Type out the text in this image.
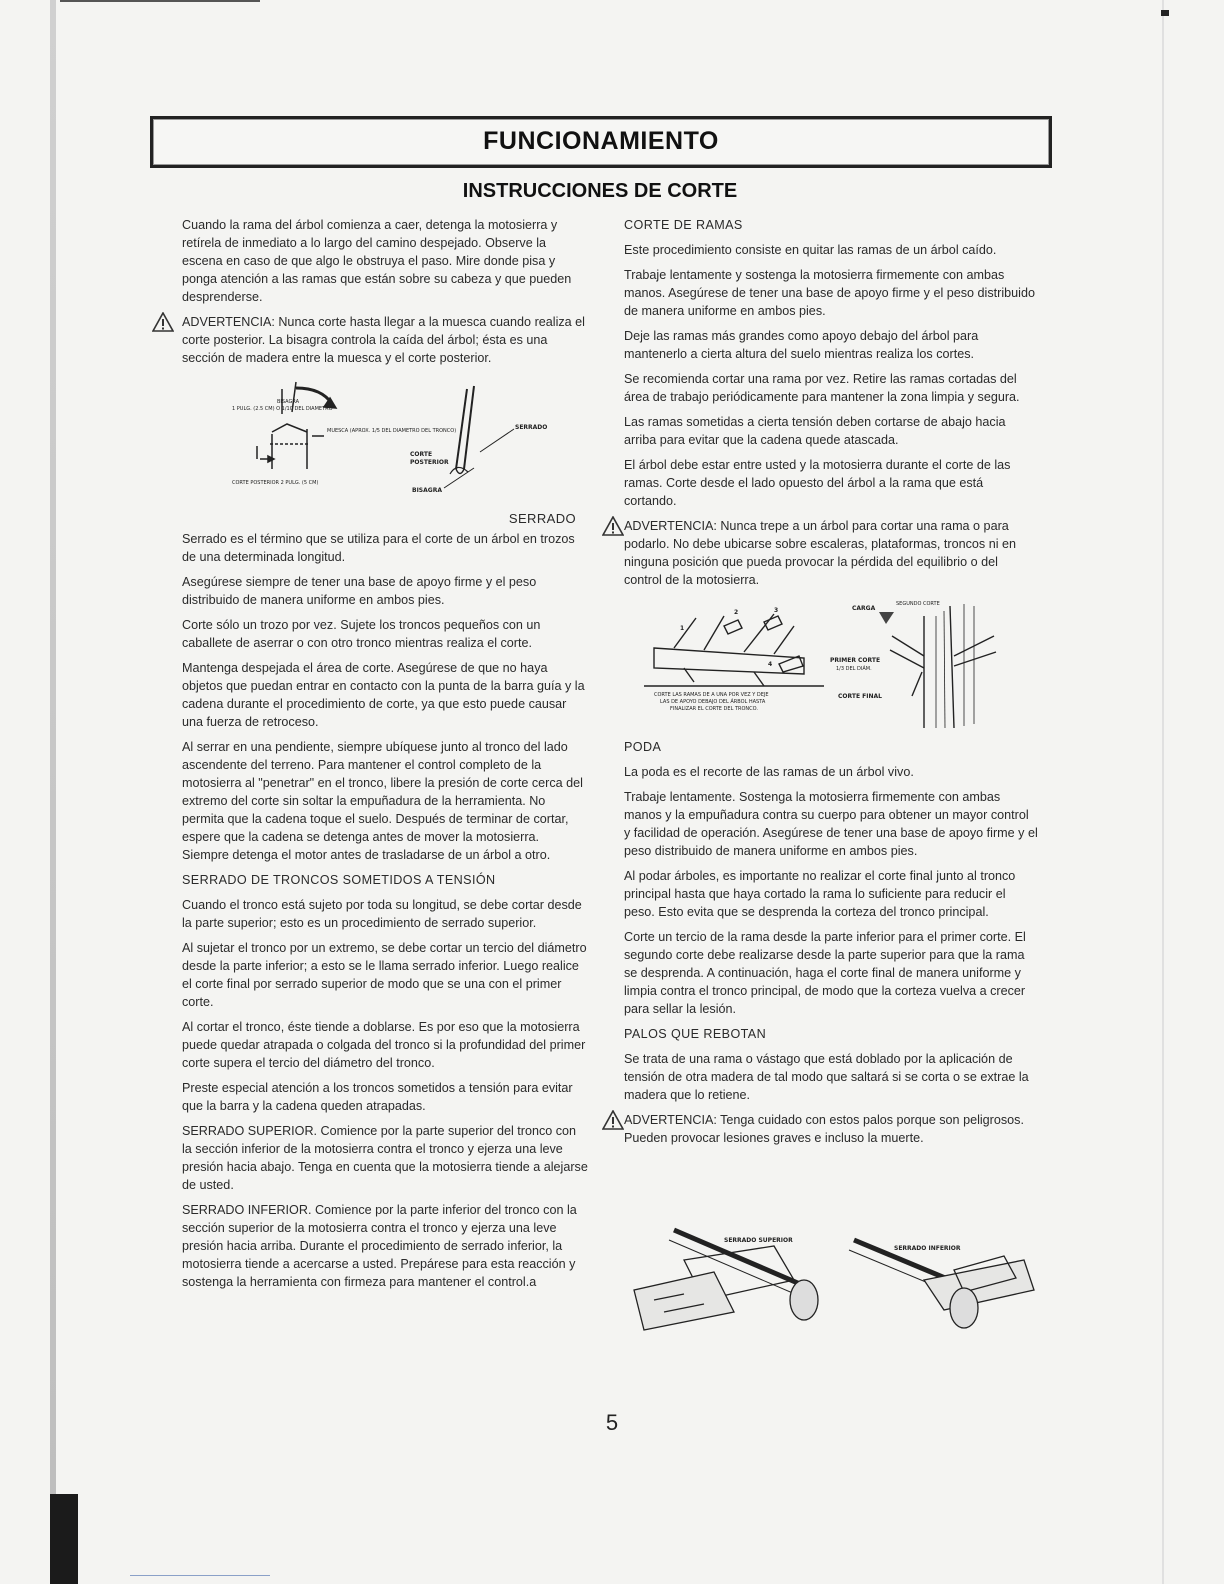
FUNCIONAMIENTO
INSTRUCCIONES DE CORTE

Cuando la rama del árbol comienza a caer, detenga la motosierra y retírela de inmediato a lo largo del camino despejado. Observe la escena en caso de que algo le obstruya el paso. Mire donde pisa y ponga atención a las ramas que están sobre su cabeza y que pueden desprenderse.

ADVERTENCIA: Nunca corte hasta llegar a la muesca cuando realiza el corte posterior. La bisagra controla la caída del árbol; ésta es una sección de madera entre la muesca y el corte posterior.

BISAGRA
1 PULG. (2.5 CM) O 1/10 DEL DIAMETRO
MUESCA (APROX. 1/5 DEL DIAMETRO DEL TRONCO)
CORTE POSTERIOR 2 PULG. (5 CM)
SERRADO
CORTE
POSTERIOR
BISAGRA
SERRADO

Serrado es el término que se utiliza para el corte de un árbol en trozos de una determinada longitud.

Asegúrese siempre de tener una base de apoyo firme y el peso distribuido de manera uniforme en ambos pies.

Corte sólo un trozo por vez. Sujete los troncos pequeños con un caballete de aserrar o con otro tronco mientras realiza el corte.

Mantenga despejada el área de corte. Asegúrese de que no haya objetos que puedan entrar en contacto con la punta de la barra guía y la cadena durante el procedimiento de corte, ya que esto puede causar una fuerza de retroceso.

Al serrar en una pendiente, siempre ubíquese junto al tronco del lado ascendente del terreno. Para mantener el control completo de la motosierra al "penetrar" en el tronco, libere la presión de corte cerca del extremo del corte sin soltar la empuñadura de la herramienta. No permita que la cadena toque el suelo. Después de terminar de cortar, espere que la cadena se detenga antes de mover la motosierra. Siempre detenga el motor antes de trasladarse de un árbol a otro.

SERRADO DE TRONCOS SOMETIDOS A TENSIÓN

Cuando el tronco está sujeto por toda su longitud, se debe cortar desde la parte superior; esto es un procedimiento de serrado superior.

Al sujetar el tronco por un extremo, se debe cortar un tercio del diámetro desde la parte inferior; a esto se le llama serrado inferior. Luego realice el corte final por serrado superior de modo que se una con el primer corte.

Al cortar el tronco, éste tiende a doblarse. Es por eso que la motosierra puede quedar atrapada o colgada del tronco si la profundidad del primer corte supera el tercio del diámetro del tronco.

Preste especial atención a los troncos sometidos a tensión para evitar que la barra y la cadena queden atrapadas.

SERRADO SUPERIOR. Comience por la parte superior del tronco con la sección inferior de la motosierra contra el tronco y ejerza una leve presión hacia abajo. Tenga en cuenta que la motosierra tiende a alejarse de usted.

SERRADO INFERIOR. Comience por la parte inferior del tronco con la sección superior de la motosierra contra el tronco y ejerza una leve presión hacia arriba. Durante el procedimiento de serrado inferior, la motosierra tiende a acercarse a usted. Prepárese para esta reacción y sostenga la herramienta con firmeza para mantener el control.a

CORTE DE RAMAS

Este procedimiento consiste en quitar las ramas de un árbol caído.

Trabaje lentamente y sostenga la motosierra firmemente con ambas manos. Asegúrese de tener una base de apoyo firme y el peso distribuido de manera uniforme en ambos pies.

Deje las ramas más grandes como apoyo debajo del árbol para mantenerlo a cierta altura del suelo mientras realiza los cortes.

Se recomienda cortar una rama por vez. Retire las ramas cortadas del área de trabajo periódicamente para mantener la zona limpia y segura.

Las ramas sometidas a cierta tensión deben cortarse de abajo hacia arriba para evitar que la cadena quede atascada.

El árbol debe estar entre usted y la motosierra durante el corte de las ramas. Corte desde el lado opuesto del árbol a la rama que está cortando.

ADVERTENCIA: Nunca trepe a un árbol para cortar una rama o para podarlo. No debe ubicarse sobre escaleras, plataformas, troncos ni en ninguna posición que pueda provocar la pérdida del equilibrio o del control de la motosierra.

1
2	3
4
CORTE LAS RAMAS DE A UNA POR VEZ Y DEJE
LAS DE APOYO DEBAJO DEL ÁRBOL HASTA
FINALIZAR EL CORTE DEL TRONCO.
CARGA
SEGUNDO CORTE
PRIMER CORTE
1/3 DEL DIÁM.
CORTE FINAL

PODA

La poda es el recorte de las ramas de un árbol vivo.

Trabaje lentamente. Sostenga la motosierra firmemente con ambas manos y la empuñadura contra su cuerpo para obtener un mayor control y facilidad de operación. Asegúrese de tener una base de apoyo firme y el peso distribuido de manera uniforme en ambos pies.

Al podar árboles, es importante no realizar el corte final junto al tronco principal hasta que haya cortado la rama lo suficiente para reducir el peso. Esto evita que se desprenda la corteza del tronco principal.

Corte un tercio de la rama desde la parte inferior para el primer corte. El segundo corte debe realizarse desde la parte superior para que la rama se desprenda. A continuación, haga el corte final de manera uniforme y limpia contra el tronco principal, de modo que la corteza vuelva a crecer para sellar la lesión.

PALOS QUE REBOTAN

Se trata de una rama o vástago que está doblado por la aplicación de tensión de otra madera de tal modo que saltará si se corta o se extrae la madera que lo retiene.

ADVERTENCIA: Tenga cuidado con estos palos porque son peligrosos. Pueden provocar lesiones graves e incluso la muerte.

SERRADO SUPERIOR
SERRADO INFERIOR
5
